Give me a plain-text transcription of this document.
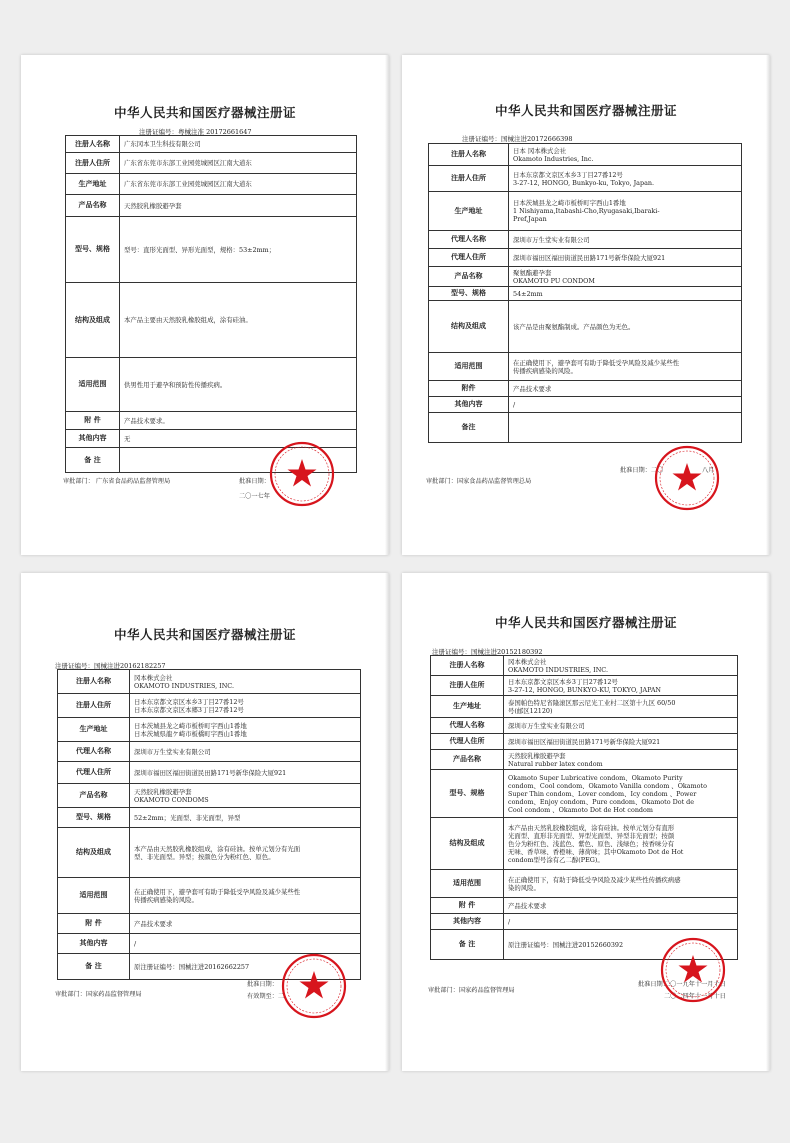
中华人民共和国医疗器械注册证
注册证编号：粤械注准 20172661647
注册人名称	广东冈本卫生科技有限公司
注册人住所	广东省东莞市东部工业园莞城园区江南大道东
生产地址	广东省东莞市东部工业园莞城园区江南大道东
产品名称	天然胶乳橡胶避孕套
型号、规格	型号：直形光面型、异形光面型，规格：53±2mm；
结构及组成	本产品主要由天然胶乳橡胶组成，涂有硅油。
适用范围	供男性用于避孕和预防性传播疾病。
附 件	产品技术要求。
其他内容	无
备 注	
审批部门： 广东省食品药品监督管理局	批准日期：
二〇一七年
中华人民共和国医疗器械注册证
注册证编号：国械注进20172666398
注册人名称	日本 冈本株式会社
Okamoto Industries, Inc.
注册人住所	日本东京都文京区本乡3丁目27番12号
3-27-12, HONGO, Bunkyo-ku, Tokyo, Japan.
生产地址	日本茨城县龙之崎市板桥町字西山1番地
1 Nishiyama,Itabashi-Cho,Ryugasaki,Ibaraki-
Pref,Japan
代理人名称	深圳市万生堂实业有限公司
代理人住所	深圳市福田区福田街道民田路171号新华保险大厦921
产品名称	聚氨酯避孕套
OKAMOTO PU CONDOM
型号、规格	54±2mm
结构及组成	该产品是由聚氨酯制成。产品颜色为无色。
适用范围	在正确使用下，避孕套可有助于降低受孕风险及减少某些性
传播疾病感染的风险。
附件	产品技术要求
其他内容	/
备注	
审批部门：国家食品药品监督管理总局
批准日期：二〇	八月
中华人民共和国医疗器械注册证
注册证编号：国械注进20162182257
注册人名称	冈本株式会社
OKAMOTO INDUSTRIES, INC.
注册人住所	日本东京都文京区本乡3丁目27番12号
日本东京都文京区本郷3丁目27番12号
生产地址	日本茨城县龙之崎市板桥町字西山1番地
日本茨城県龍ケ崎市板橋町字西山1番地
代理人名称	深圳市万生堂实业有限公司
代理人住所	深圳市福田区福田街道民田路171号新华保险大厦921
产品名称	天然胶乳橡胶避孕套
OKAMOTO CONDOMS
型号、规格	52±2mm；光面型、非光面型，异型
结构及组成	本产品由天然胶乳橡胶组成，涂有硅油。按单元划分有光面
型、非光面型。异型；按颜色分为粉红色、原色。
适用范围	在正确使用下，避孕套可有助于降低受孕风险及减少某些性
传播疾病感染的风险。
附 件	产品技术要求
其他内容	/
备 注	原注册证编号：国械注进20162662257
审批部门：国家药品监督管理局
批准日期：
有效期至：二
中华人民共和国医疗器械注册证
注册证编号：国械注进20152180392
注册人名称	冈本株式会社
OKAMOTO INDUSTRIES, INC.
注册人住所	日本东京都文京区本乡3丁目27番12号
3-27-12, HONGO, BUNKYO-KU, TOKYO, JAPAN
生产地址	泰国帕色特尼省隆滚区那云尼光工业村二区第十九区 60/50
号(邮区12120)
代理人名称	深圳市万生堂实业有限公司
代理人住所	深圳市福田区福田街道民田路171号新华保险大厦921
产品名称	天然胶乳橡胶避孕套
Natural rubber latex condom
型号、规格	Okamoto Super Lubricative condom、Okamoto Purity
condom、Cool condom、Okamoto Vanilla condom 、Okamoto
Super Thin condom、Lover condom、Icy condom 、Power
condom、Enjoy condom、Pure condom、Okamoto Dot de
Cool condom 、Okamoto Dot de Hot condom
结构及组成	本产品由天然乳胶橡胶组成，涂有硅油。按单元划分有直形
光面型、直形非光面型、异型光面型、异型非光面型；按颜
色分为粉红色、浅蓝色、紫色、原色、浅绿色；按香味分有
无味、香草味、香橙味、薄荷味；其中Okamoto Dot de Hot
condom型号涂有乙二醇(PEG)。
适用范围	在正确使用下，有助于降低受孕风险及减少某些性传播疾病感
染的风险。
附 件	产品技术要求
其他内容	/
备 注	原注册证编号：国械注进20152660392
审批部门：国家药品监督管理局
批准日期：
二〇一九年十一月十日
二〇二四年十一月十日
